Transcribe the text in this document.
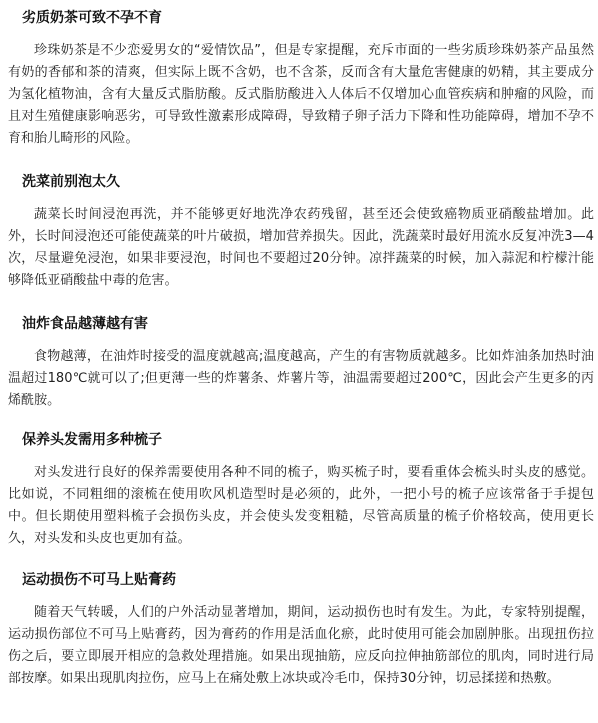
劣质奶茶可致不孕不育

珍珠奶茶是不少恋爱男女的“爱情饮品”，但是专家提醒，充斥市面的一些劣质珍珠奶茶产品虽然有奶的香郁和茶的清爽，但实际上既不含奶，也不含茶，反而含有大量危害健康的奶精，其主要成分为氢化植物油，含有大量反式脂肪酸。反式脂肪酸进入人体后不仅增加心血管疾病和肿瘤的风险，而且对生殖健康影响恶劣，可导致性激素形成障碍，导致精子卵子活力下降和性功能障碍，增加不孕不育和胎儿畸形的风险。

洗菜前别泡太久

蔬菜长时间浸泡再洗，并不能够更好地洗净农药残留，甚至还会使致癌物质亚硝酸盐增加。此外，长时间浸泡还可能使蔬菜的叶片破损，增加营养损失。因此，洗蔬菜时最好用流水反复冲洗3—4次，尽量避免浸泡，如果非要浸泡，时间也不要超过20分钟。凉拌蔬菜的时候，加入蒜泥和柠檬汁能够降低亚硝酸盐中毒的危害。

油炸食品越薄越有害

食物越薄，在油炸时接受的温度就越高;温度越高，产生的有害物质就越多。比如炸油条加热时油温超过180℃就可以了;但更薄一些的炸薯条、炸薯片等，油温需要超过200℃，因此会产生更多的丙烯酰胺。

保养头发需用多种梳子

对头发进行良好的保养需要使用各种不同的梳子，购买梳子时，要看重体会梳头时头皮的感觉。比如说，不同粗细的滚梳在使用吹风机造型时是必须的，此外，一把小号的梳子应该常备于手提包中。但长期使用塑料梳子会损伤头皮，并会使头发变粗糙，尽管高质量的梳子价格较高，使用更长久，对头发和头皮也更加有益。

运动损伤不可马上贴膏药

随着天气转暖，人们的户外活动显著增加，期间，运动损伤也时有发生。为此，专家特别提醒，运动损伤部位不可马上贴膏药，因为膏药的作用是活血化瘀，此时使用可能会加剧肿胀。出现扭伤拉伤之后，要立即展开相应的急救处理措施。如果出现抽筋，应反向拉伸抽筋部位的肌肉，同时进行局部按摩。如果出现肌肉拉伤，应马上在痛处敷上冰块或冷毛巾，保持30分钟，切忌揉搓和热敷。
